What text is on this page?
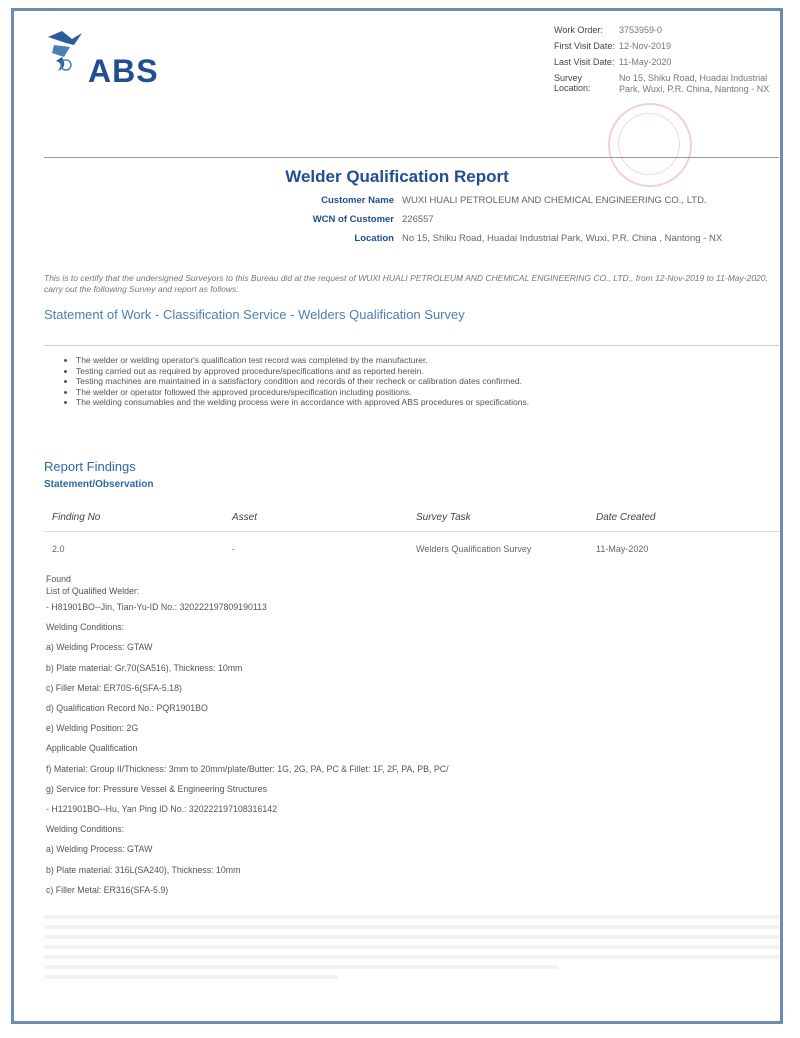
ABS
Work Order:	3753959-0
First Visit Date: 12-Nov-2019
Last Visit Date: 11-May-2020
Survey Location:
No 15, Shiku Road, Huadai Industrial Park, Wuxi, P.R. China, Nantong - NX
Welder Qualification Report
Customer Name WUXI HUALI PETROLEUM AND CHEMICAL ENGINEERING CO., LTD.
WCN of Customer 226557
Location No 15, Shiku Road, Huadai Industrial Park, Wuxi, P.R. China , Nantong - NX
This is to certify that the undersigned Surveyors to this Bureau did at the request of WUXI HUALI PETROLEUM AND CHEMICAL ENGINEERING CO., LTD., from 12-Nov-2019 to 11-May-2020, carry out the following Survey and report as follows:
Statement of Work - Classification Service - Welders Qualification Survey
• The welder or welding operator's qualification test record was completed by the manufacturer.
• Testing carried out as required by approved procedure/specifications and as reported herein.
• Testing machines are maintained in a satisfactory condition and records of their recheck or calibration dates confirmed.
• The welder or operator followed the approved procedure/specification including positions.
• The welding consumables and the welding process were in accordance with approved ABS procedures or specifications.
Report Findings
Statement/Observation
Finding No	Asset	Survey Task	Date Created
2.0	-	Welders Qualification Survey	11-May-2020
Found
List of Qualified Welder:
- H81901BO--Jin, Tian-Yu-ID No.: 320222197809190113
Welding Conditions:
a) Welding Process: GTAW
b) Plate material: Gr.70(SA516), Thickness: 10mm
c) Filler Metal: ER70S-6(SFA-5.18)
d) Qualification Record No.: PQR1901BO
e) Welding Position: 2G
Applicable Qualification
f) Material: Group II/Thickness: 3mm to 20mm/plate/Butter: 1G, 2G, PA, PC & Fillet: 1F, 2F, PA, PB, PC/
g) Service for: Pressure Vessel & Engineering Structures
- H121901BO--Hu, Yan Ping ID No.: 320222197108316142
Welding Conditions:
a) Welding Process: GTAW
b) Plate material: 316L(SA240), Thickness: 10mm
c) Filler Metal: ER316(SFA-5.9)
